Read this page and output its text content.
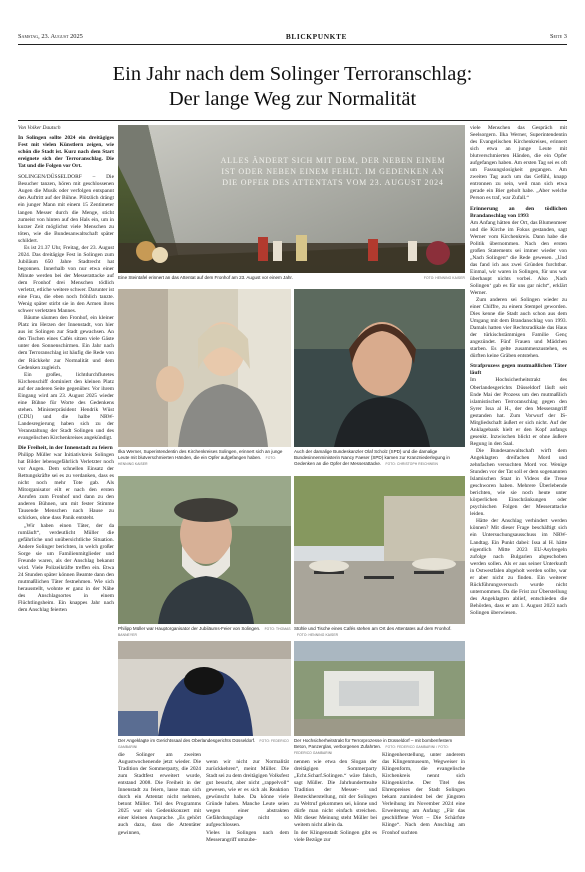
Samstag, 23. August 2025	BLICKPUNKTE	Seite 3
Ein Jahr nach dem Solinger Terroranschlag:
Der lange Weg zur Normalität
Von Volker Dautsch

In Solingen sollte 2024 ein dreitägiges Fest mit vielen Künstlern zeigen, wie schön die Stadt ist. Kurz nach dem Start ereignete sich der Terroranschlag. Die Tat und die Folgen vor Ort.

SOLINGEN/DÜSSELDORF – Die Besucher tanzen, hören mit geschlossenen Augen die Musik oder verfolgen entspannt den Auftritt auf der Bühne. Plötzlich drängt ein junger Mann mit einem 15 Zentimeter langen Messer durch die Menge, sticht zumeist von hinten auf den Hals ein, um in kurzer Zeit möglichst viele Menschen zu töten, wie die Bundesanwaltschaft später schildert.

Es ist 21.37 Uhr, Freitag, der 23. August 2024. Das dreitägige Fest in Solingen zum Jubiläum 650 Jahre Stadtrecht hat begonnen. Innerhalb von nur etwa einer Minute werden bei der Messerattacke auf dem Fronhof drei Menschen tödlich verletzt, etliche weitere schwer. Darunter ist eine Frau, die eben noch fröhlich tanzte. Wenig später stirbt sie in den Armen ihres schwer verletzten Mannes.

Bäume säumen den Fronhof, ein kleiner Platz im Herzen der Innenstadt, von hier aus ist Solingen zur Stadt gewachsen. An den Tischen eines Cafés sitzen viele Gäste unter den Sonnenschirmen. Ein Jahr nach dem Terroranschlag ist häufig die Rede von der Rückkehr zur Normalität und dem Gedenken zugleich.

Ein großes, lichtdurchflutetes Kirchenschiff dominiert den kleinen Platz auf der anderen Seite gegenüber. Vor ihrem Eingang wird am 23. August 2025 wieder eine Bühne für Worte des Gedenkens stehen. Ministerpräsident Hendrik Wüst (CDU) und die halbe NRW-Landesregierung haben sich zu der Veranstaltung der Stadt Solingen und des evangelischen Kirchenkreises angekündigt.

Die Freiheit, in der Innenstadt zu feiern

Philipp Müller war Initiativkreis Solingen hat Bilder lebensgefährlich Verletzter noch vor Augen. Dem schnellen Einsatz der Rettungskräfte sei es zu verdanken, dass es nicht noch mehr Tote gab. Als Mitorganisator eilt er nach den ersten Anrufen zum Fronhof und dann zu den anderen Bühnen, um mit fester Stimme Tausende Menschen nach Hause zu schicken, ohne dass Panik entsteht.

„Wir haben einen Täter, der da rumläuft“, verdeutlicht Müller die gefährliche und unübersichtliche Situation. Andere Solinger berichten, in welch großer Sorge sie um Familienmitglieder und Freunde waren, als der Anschlag bekannt wird. Viele Polizeikräfte treffen ein. Etwa 24 Stunden später können Beamte dann den mutmaßlichen Täter festnehmen. Wie sich herausstellt, wohnte er ganz in der Nähe des Anschlagsortes in einem Flüchtlingsheim. Ein knappes Jahr nach dem Anschlag feierten

viele Menschen das Gespräch mit Seelsorgern. Ilka Werner, Superintendentin des Evangelischen Kirchenkreises, erinnert sich etwa an junge Leute mit blutverschmierten Händen, die ein Opfer aufgefangen haben. Am ersten Tag sei es oft um Fassungslosigkeit gegangen. Am zweiten Tag auch um das Gefühl, knapp entronnen zu sein, weil man sich etwa gerade ein Bier geholt habe. „Aber welche Person es traf, war Zufall.“

Erinnerung an den tödlichen Brandanschlag von 1993

Am Anfang hätten der Ort, das Blumenmeer und die Kirche im Fokus gestanden, sagt Werner vom Kirchenkreis. Dann habe die Politik übernommen. Nach den ersten großen Statements sei immer wieder von „Nach Solingen“ die Rede gewesen. „Und das fand ich aus zwei Gründen furchtbar. Einmal, wir waren in Solingen, für uns war überhaupt nichts vorbei. Also ‚Nach Solingen‘ gab es für uns gar nicht“, erklärt Werner.

Zum anderen sei Solingen wieder zu einer Chiffre, zu einem Stempel geworden. Dies kenne die Stadt auch schon aus dem Umgang mit dem Brandanschlag von 1993. Damals hatten vier Rechtsradikale das Haus der türkischstämmigen Familie Genç angezündet. Fünf Frauen und Mädchen starben. Es gelte zusammenzustehen, es dürften keine Gräben entstehen.

Strafprozess gegen mutmaßlichen Täter läuft

Im Hochsicherheitstrakt des Oberlandesgerichts Düsseldorf läuft seit Ende Mai der Prozess um den mutmaßlich islamistischen Terroranschlag gegen den Syrer Issa al H., der den Messerangriff gestanden hat. Zum Vorwurf der IS-Mitgliedschaft äußert er sich nicht. Auf der Anklagebank hielt er den Kopf anfangs gesenkt. Inzwischen blickt er ohne äußere Regung in den Saal.

Die Bundesanwaltschaft wirft dem Angeklagten dreifachen Mord und zehnfachen versuchten Mord vor. Wenige Stunden vor der Tat soll er dem sogenannten Islamischen Staat in Videos die Treue geschworen haben. Mehrere Überlebende berichten, wie sie noch heute unter körperlichen Einschränkungen oder psychischen Folgen der Messerattacke leiden.

Hätte der Anschlag verhindert werden können? Mit dieser Frage beschäftigt sich ein Untersuchungsausschuss im NRW-Landtag. Ein Punkt dabei: Issa al H. hätte eigentlich Mitte 2023 EU-Asylregeln zufolge nach Bulgarien abgeschoben werden sollen. Als er aus seiner Unterkunft in Ostwestfalen abgeholt werden sollte, war er aber nicht zu finden. Ein weiterer Rückführungsversuch wurde nicht unternommen. Da die Frist zur Überstellung des Angeklagten ablief, entschieden die Behörden, dass er am 1. August 2023 nach Solingen überwiesen.

ALLES ÄNDERT SICH MIT DEM, DER NEBEN EINEM IST ODER NEBEN EINEM FEHLT. IM GEDENKEN AN DIE OPFER DES ATTENTATS VOM 23. AUGUST 2024
Eine Steintafel erinnert an das Attentat auf dem Fronhof am 23. August vor einem Jahr.	FOTO: HENNING KAISER
Ilka Werner, Superintendentin des Kirchenkreises Solingen, erinnert sich an junge Leute mit blutverschmierten Händen, die ein Opfer aufgefangen haben. FOTO: HENNING KAISER
Auch der damalige Bundeskanzler Olaf Scholz (SPD) und die damalige Bundesinnenministerin Nancy Faeser (SPD) kamen zur Kranzniederlegung in Gedenken an die Opfer der Messerattacke. FOTO: CHRISTOPH REICHWEIN
Philipp Müller war Hauptorganisator der Jubiläums-Feier von Solingen. FOTO: THOMAS BANNEYER
Stühle und Tische eines Cafés stehen am Ort des Attentates auf dem Fronhof. FOTO: HENNING KAISER
Der Angeklagte im Gerichtssaal des Oberlandesgerichts Düsseldorf. FOTO: FEDERICO GAMBARINI
Der Hochsicherheitstrakt für Terrorprozesse in Düsseldorf – mit bombenfestem Beton, Panzerglas, verborgenen Zufahrten. FOTO: FEDERICO GAMBARINI / FOTO: FEDERICO GAMBARINI

die Solinger am zweiten Augustwochenende jetzt wieder. Die Tradition der Sommerparty, die 2024 zum Stadtfest erweitert wurde, entstand 2008. Die Freiheit in der Innenstadt zu feiern, lasse man sich durch ein Attentat nicht nehmen, betont Müller. Teil des Programms 2025 war ein Gedenkkonzert mit einer kleinen Ansprache. „Es gehört auch dazu, dass die Attentäter gewinnen,

wenn wir nicht zur Normalität zurückkehren“, meint Müller. Die Stadt sei zu dem dreitägigen Volksfest gut besucht, aber nicht „rappelvoll“ gewesen, wie er es sich als Reaktion gewünscht habe. Da könne viele Gründe haben. Manche Leute seien wegen einer abstrakten Gefährdungslage nicht so aufgeschlossen.
Vieles in Solingen nach dem Messerangriff umzube-

nennen wie etwa den Slogan der dreitägigen Sommerparty „Echt.Scharf.Solingen.“ wäre falsch, sagt Müller. Die Jahrhunderttealte Tradition der Messer- und Besteckherstellung, mit der Solingen zu Weltruf gekommen sei, könne und dürfe man nicht einfach streichen. Mit dieser Meinung steht Müller bei weitem nicht allein da.
In der Klingenstadt Solingen gibt es viele Bezüge zur

Klingenherstellung, unter anderem das Klingenmuseum, Wegweiser in Klingenform, die evangelische Kirchenkreis nennt sich Klingenkirche. Der Titel des Ehrenpreises der Stadt Solingen bekam zumindest bei der jüngsten Verleihung im November 2024 eine Erweiterung am Anfang: „Für das geschliffene Wort – Die Schärfste Klinge“. Nach dem Anschlag am Fronhof suchten
